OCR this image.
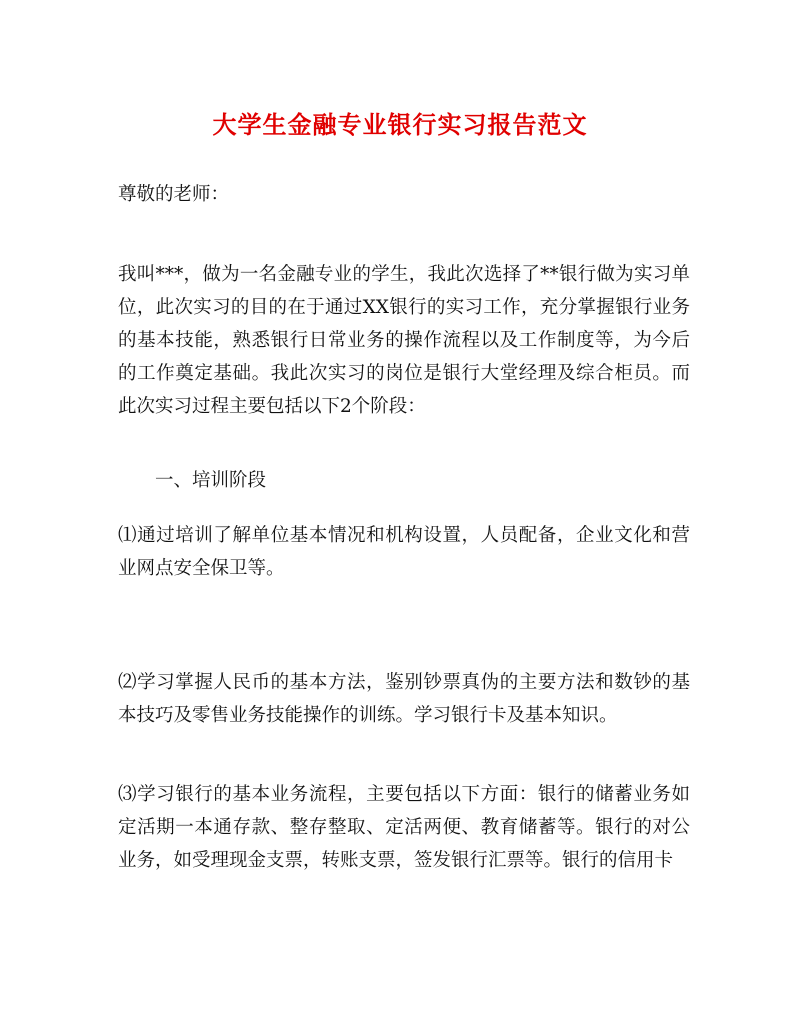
大学生金融专业银行实习报告范文
尊敬的老师：
我叫***，做为一名金融专业的学生，我此次选择了**银行做为实习单位，此次实习的目的在于通过XX银行的实习工作，充分掌握银行业务的基本技能，熟悉银行日常业务的操作流程以及工作制度等，为今后的工作奠定基础。我此次实习的岗位是银行大堂经理及综合柜员。而此次实习过程主要包括以下2个阶段：
一、培训阶段
⑴通过培训了解单位基本情况和机构设置，人员配备，企业文化和营业网点安全保卫等。
⑵学习掌握人民币的基本方法，鉴别钞票真伪的主要方法和数钞的基本技巧及零售业务技能操作的训练。学习银行卡及基本知识。
⑶学习银行的基本业务流程，主要包括以下方面：银行的储蓄业务如定活期一本通存款、整存整取、定活两便、教育储蓄等。银行的对公业务，如受理现金支票，转账支票，签发银行汇票等。银行的信用卡
